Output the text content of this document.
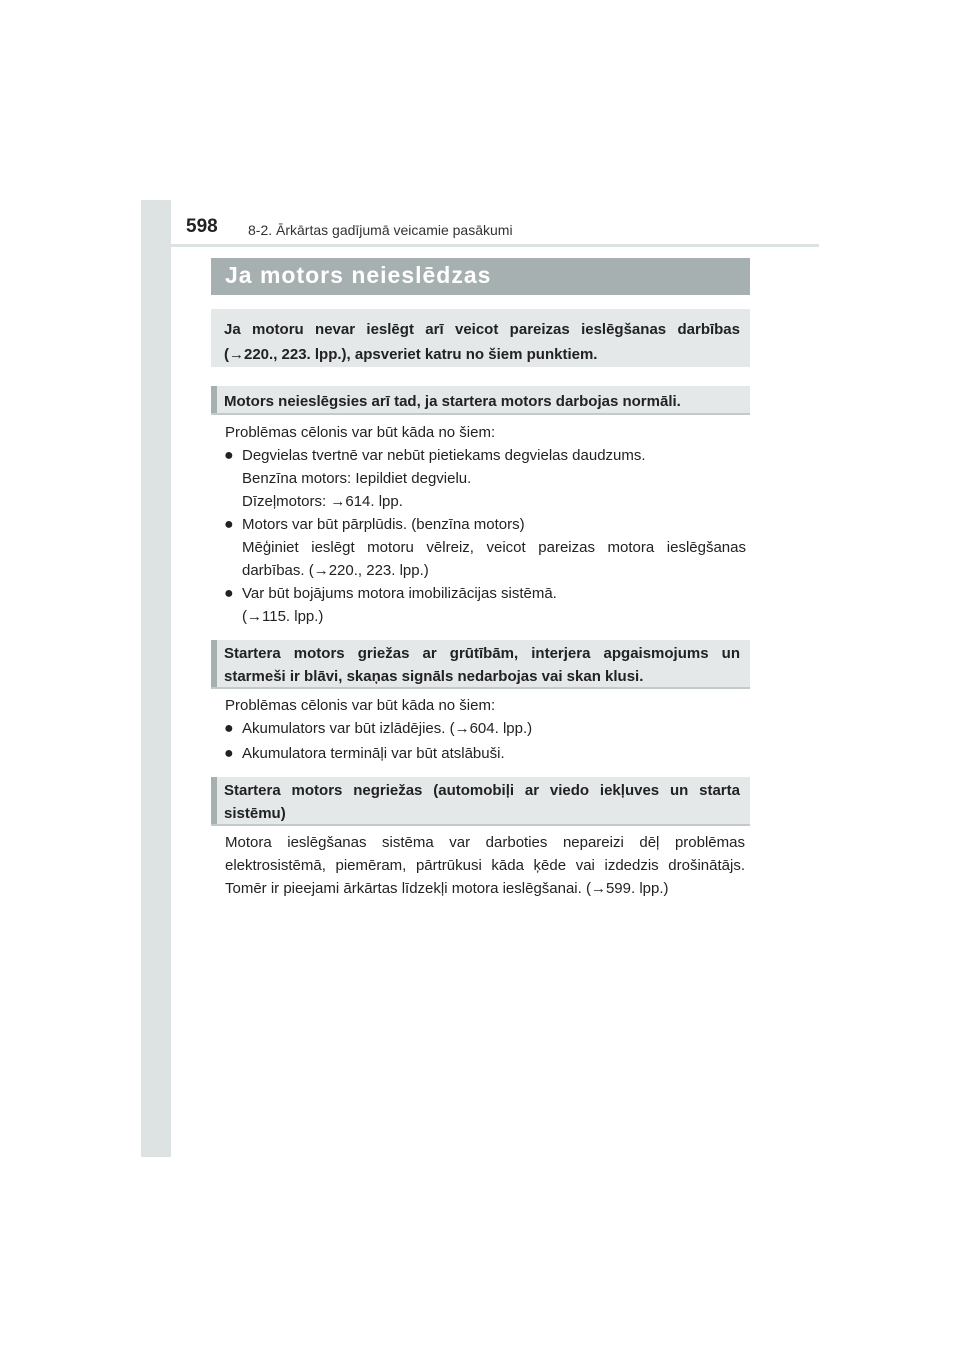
598 8-2. Ārkārtas gadījumā veicamie pasākumi
Ja motors neieslēdzas

Ja motoru nevar ieslēgt arī veicot pareizas ieslēgšanas darbības (→220., 223. lpp.), apsveriet katru no šiem punktiem.

Motors neieslēgsies arī tad, ja startera motors darbojas normāli.

Problēmas cēlonis var būt kāda no šiem:
● Degvielas tvertnē var nebūt pietiekams degvielas daudzums.
Benzīna motors: Iepildiet degvielu.
Dīzeļmotors: →614. lpp.
● Motors var būt pārplūdis. (benzīna motors)
Mēģiniet ieslēgt motoru vēlreiz, veicot pareizas motora ieslēgšanas darbības. (→220., 223. lpp.)
● Var būt bojājums motora imobilizācijas sistēmā.
(→115. lpp.)

Startera motors griežas ar grūtībām, interjera apgaismojums un starmeši ir blāvi, skaņas signāls nedarbojas vai skan klusi.

Problēmas cēlonis var būt kāda no šiem:
● Akumulators var būt izlādējies. (→604. lpp.)
● Akumulatora termināļi var būt atslābuši.

Startera motors negriežas (automobiļi ar viedo iekļuves un starta sistēmu)

Motora ieslēgšanas sistēma var darboties nepareizi dēļ problēmas elektrosistēmā, piemēram, pārtrūkusi kāda ķēde vai izdedzis drošinātājs. Tomēr ir pieejami ārkārtas līdzekļi motora ieslēgšanai. (→599. lpp.)
